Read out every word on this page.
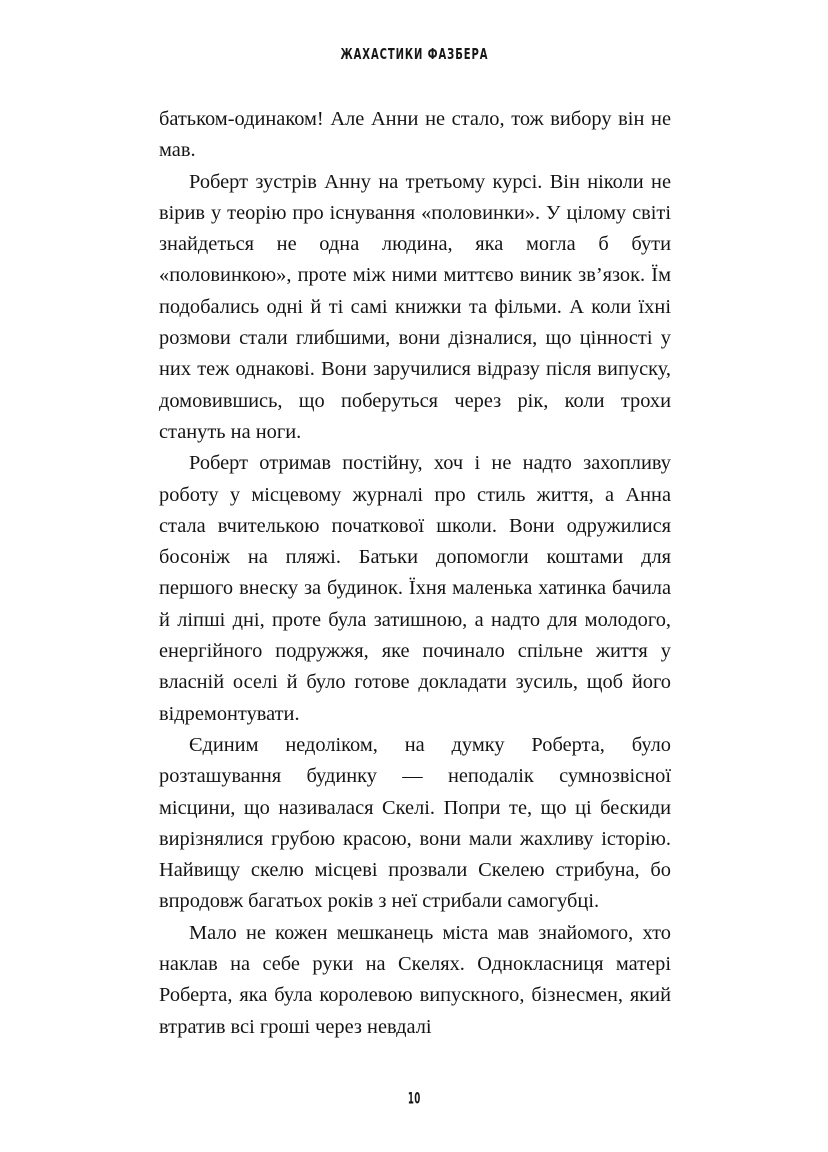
ЖАХАСТИКИ ФАЗБЕРА

батьком-одинаком! Але Анни не стало, тож вибору він не мав.

Роберт зустрів Анну на третьому курсі. Він ніколи не вірив у теорію про існування «половинки». У цілому світі знайдеться не одна людина, яка могла б бути «половинкою», проте між ними миттєво виник зв’язок. Їм подобались одні й ті самі книжки та фільми. А коли їхні розмови стали глибшими, вони дізналися, що цінності у них теж однакові. Вони заручилися відразу після випуску, домовившись, що поберуться через рік, коли трохи стануть на ноги.

Роберт отримав постійну, хоч і не надто захопливу роботу у місцевому журналі про стиль життя, а Анна стала вчителькою початкової школи. Вони одружилися босоніж на пляжі. Батьки допомогли коштами для першого внеску за будинок. Їхня маленька хатинка бачила й ліпші дні, проте була затишною, а надто для молодого, енергійного подружжя, яке починало спільне життя у власній оселі й було готове докладати зусиль, щоб його відремонтувати.

Єдиним недоліком, на думку Роберта, було розташування будинку — неподалік сумнозвісної місцини, що називалася Скелі. Попри те, що ці бескиди вирізнялися грубою красою, вони мали жахливу історію. Найвищу скелю місцеві прозвали Скелею стрибуна, бо впродовж багатьох років з неї стрибали самогубці.

Мало не кожен мешканець міста мав знайомого, хто наклав на себе руки на Скелях. Однокласниця матері Роберта, яка була королевою випускного, бізнесмен, який втратив всі гроші через невдалі

10
